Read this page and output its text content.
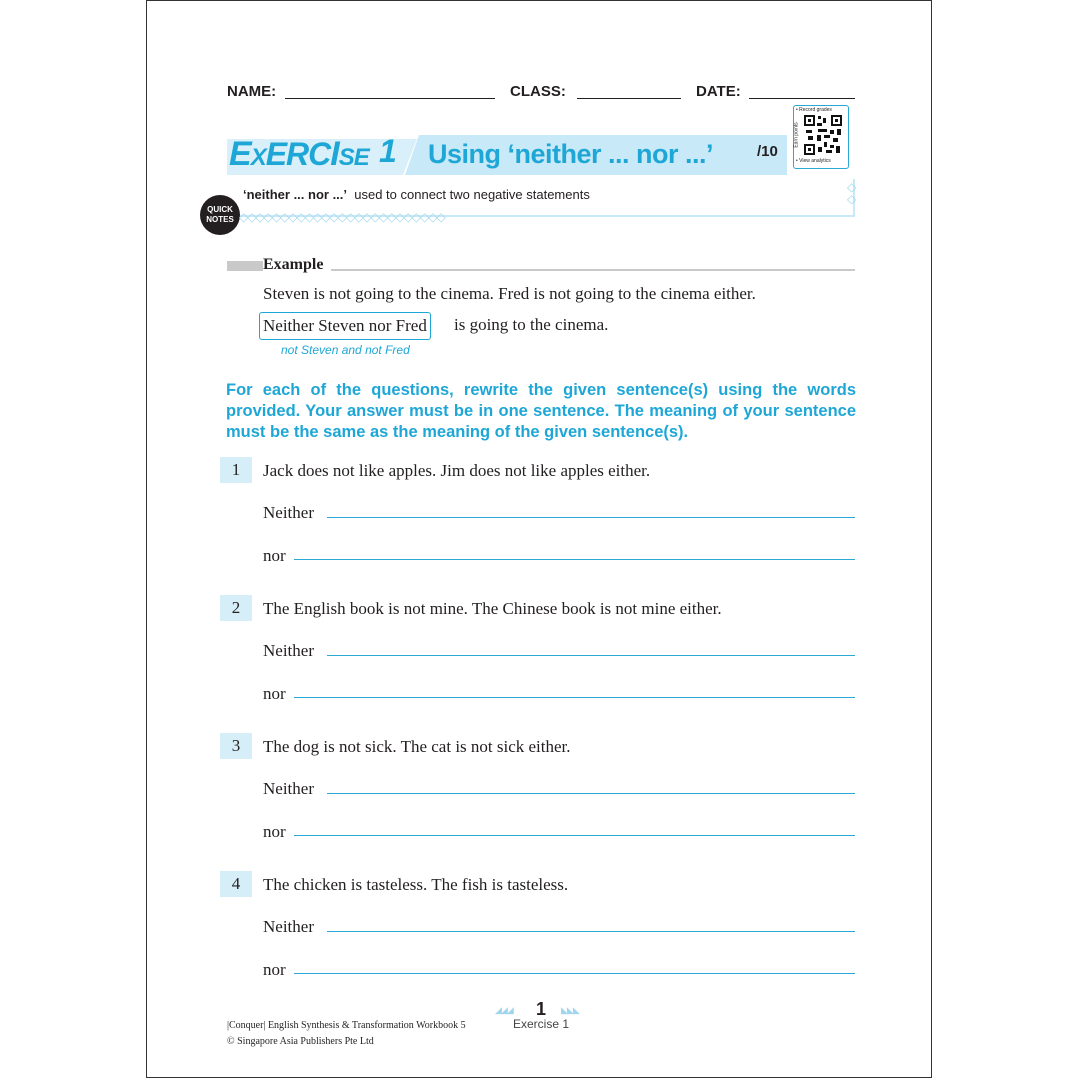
NAME:	CLASS:	DATE:
• Record grades
Earn points
• View analytics
EXERCISE 1 Using ‘neither ... nor ...’	/10
◇
◇
QUICK NOTES
‘neither ... nor ...’ used to connect two negative statements
◇◇◇◇◇◇◇◇◇◇◇◇◇◇◇◇◇◇◇◇◇◇◇◇◇
Example
Steven is not going to the cinema. Fred is not going to the cinema either.
Neither Steven nor Fred is going to the cinema.
not Steven and not Fred
For each of the questions, rewrite the given sentence(s) using the words provided. Your answer must be in one sentence. The meaning of your sentence must be the same as the meaning of the given sentence(s).
1	Jack does not like apples. Jim does not like apples either.
Neither
nor
2	The English book is not mine. The Chinese book is not mine either.
Neither
nor
3	The dog is not sick. The cat is not sick either.
Neither
nor
4	The chicken is tasteless. The fish is tasteless.
Neither
nor
|Conquer| English Synthesis & Transformation Workbook 5
© Singapore Asia Publishers Pte Ltd
◢◢◢ 1 ◣◣◣
Exercise 1
